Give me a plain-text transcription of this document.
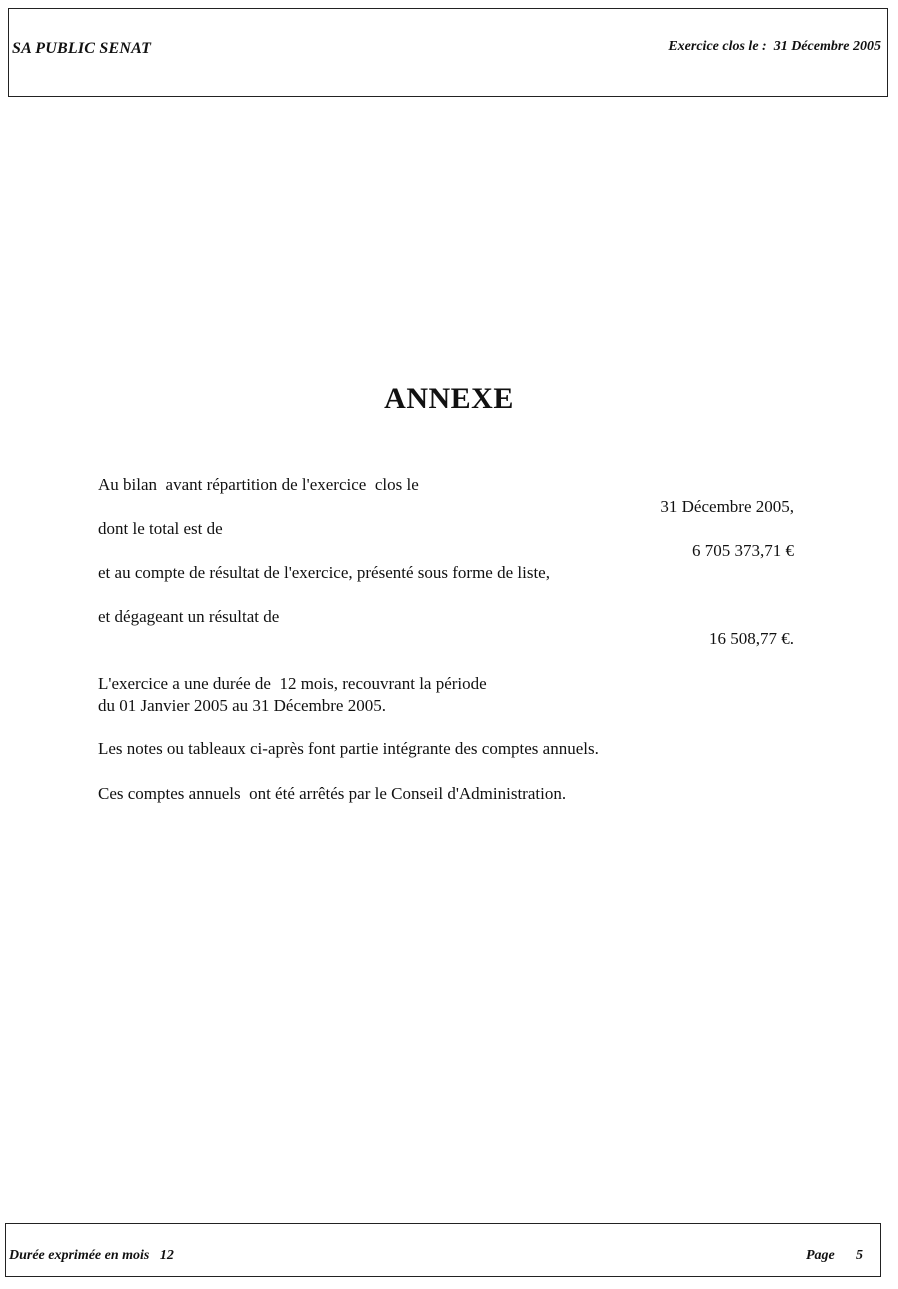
SA PUBLIC SENAT	Exercice clos le :  31 Décembre 2005
ANNEXE
Au bilan  avant répartition de l'exercice  clos le
31 Décembre 2005,
dont le total est de
6 705 373,71 €
et au compte de résultat de l'exercice, présenté sous forme de liste,
et dégageant un résultat de
16 508,77 €.
L'exercice a une durée de  12 mois, recouvrant la période
du 01 Janvier 2005 au 31 Décembre 2005.
Les notes ou tableaux ci-après font partie intégrante des comptes annuels.
Ces comptes annuels  ont été arrêtés par le Conseil d'Administration.
Durée exprimée en mois   12	Page 5
